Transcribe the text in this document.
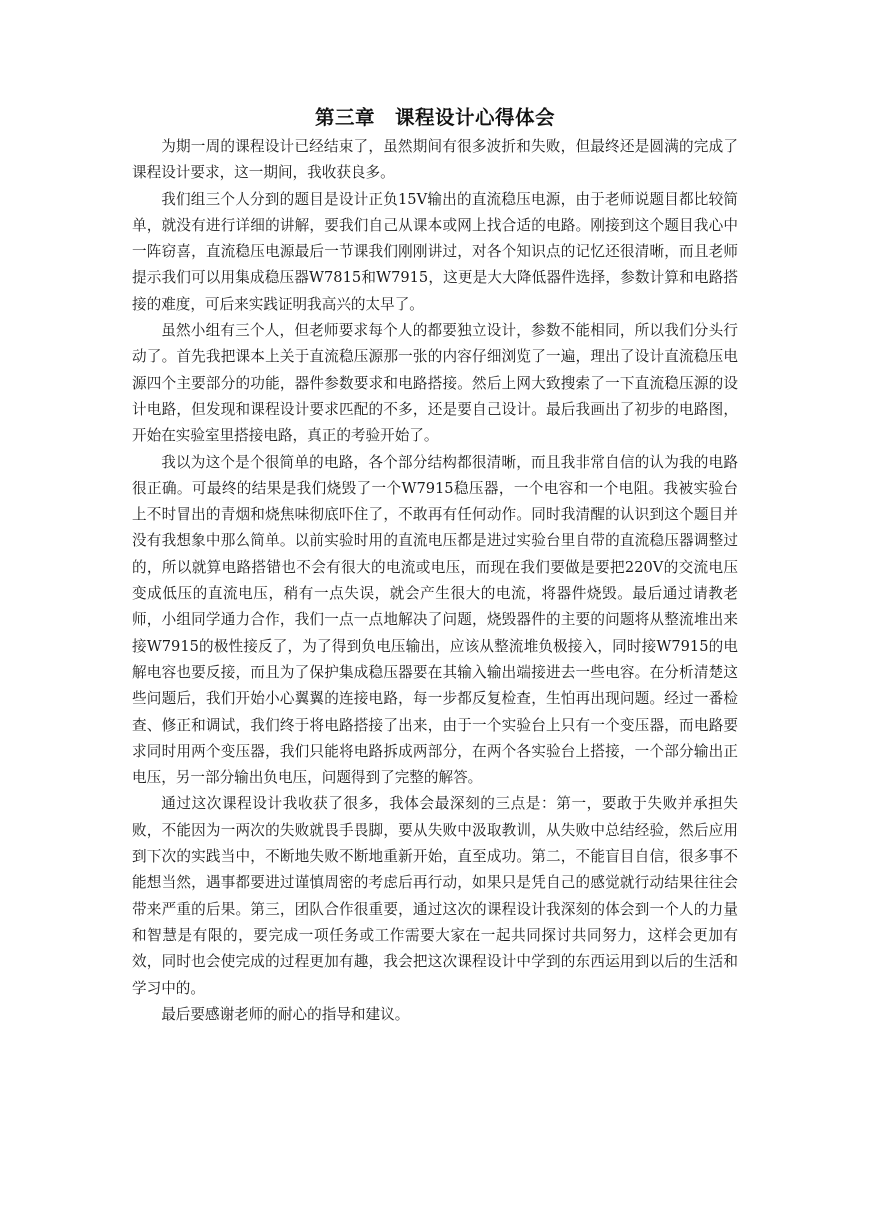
第三章　课程设计心得体会

为期一周的课程设计已经结束了，虽然期间有很多波折和失败，但最终还是圆满的完成了课程设计要求，这一期间，我收获良多。

我们组三个人分到的题目是设计正负15V输出的直流稳压电源，由于老师说题目都比较简单，就没有进行详细的讲解，要我们自己从课本或网上找合适的电路。刚接到这个题目我心中一阵窃喜，直流稳压电源最后一节课我们刚刚讲过，对各个知识点的记忆还很清晰，而且老师提示我们可以用集成稳压器W7815和W7915，这更是大大降低器件选择，参数计算和电路搭接的难度，可后来实践证明我高兴的太早了。

虽然小组有三个人，但老师要求每个人的都要独立设计，参数不能相同，所以我们分头行动了。首先我把课本上关于直流稳压源那一张的内容仔细浏览了一遍，理出了设计直流稳压电源四个主要部分的功能，器件参数要求和电路搭接。然后上网大致搜索了一下直流稳压源的设计电路，但发现和课程设计要求匹配的不多，还是要自己设计。最后我画出了初步的电路图，开始在实验室里搭接电路，真正的考验开始了。

我以为这个是个很简单的电路，各个部分结构都很清晰，而且我非常自信的认为我的电路很正确。可最终的结果是我们烧毁了一个W7915稳压器，一个电容和一个电阻。我被实验台上不时冒出的青烟和烧焦味彻底吓住了，不敢再有任何动作。同时我清醒的认识到这个题目并没有我想象中那么简单。以前实验时用的直流电压都是进过实验台里自带的直流稳压器调整过的，所以就算电路搭错也不会有很大的电流或电压，而现在我们要做是要把220V的交流电压变成低压的直流电压，稍有一点失误，就会产生很大的电流，将器件烧毁。最后通过请教老师，小组同学通力合作，我们一点一点地解决了问题，烧毁器件的主要的问题将从整流堆出来接W7915的极性接反了，为了得到负电压输出，应该从整流堆负极接入，同时接W7915的电解电容也要反接，而且为了保护集成稳压器要在其输入输出端接进去一些电容。在分析清楚这些问题后，我们开始小心翼翼的连接电路，每一步都反复检查，生怕再出现问题。经过一番检查、修正和调试，我们终于将电路搭接了出来，由于一个实验台上只有一个变压器，而电路要求同时用两个变压器，我们只能将电路拆成两部分，在两个各实验台上搭接，一个部分输出正电压，另一部分输出负电压，问题得到了完整的解答。

通过这次课程设计我收获了很多，我体会最深刻的三点是：第一，要敢于失败并承担失败，不能因为一两次的失败就畏手畏脚，要从失败中汲取教训，从失败中总结经验，然后应用到下次的实践当中，不断地失败不断地重新开始，直至成功。第二，不能盲目自信，很多事不能想当然，遇事都要进过谨慎周密的考虑后再行动，如果只是凭自己的感觉就行动结果往往会带来严重的后果。第三，团队合作很重要，通过这次的课程设计我深刻的体会到一个人的力量和智慧是有限的，要完成一项任务或工作需要大家在一起共同探讨共同努力，这样会更加有效，同时也会使完成的过程更加有趣，我会把这次课程设计中学到的东西运用到以后的生活和学习中的。

最后要感谢老师的耐心的指导和建议。
